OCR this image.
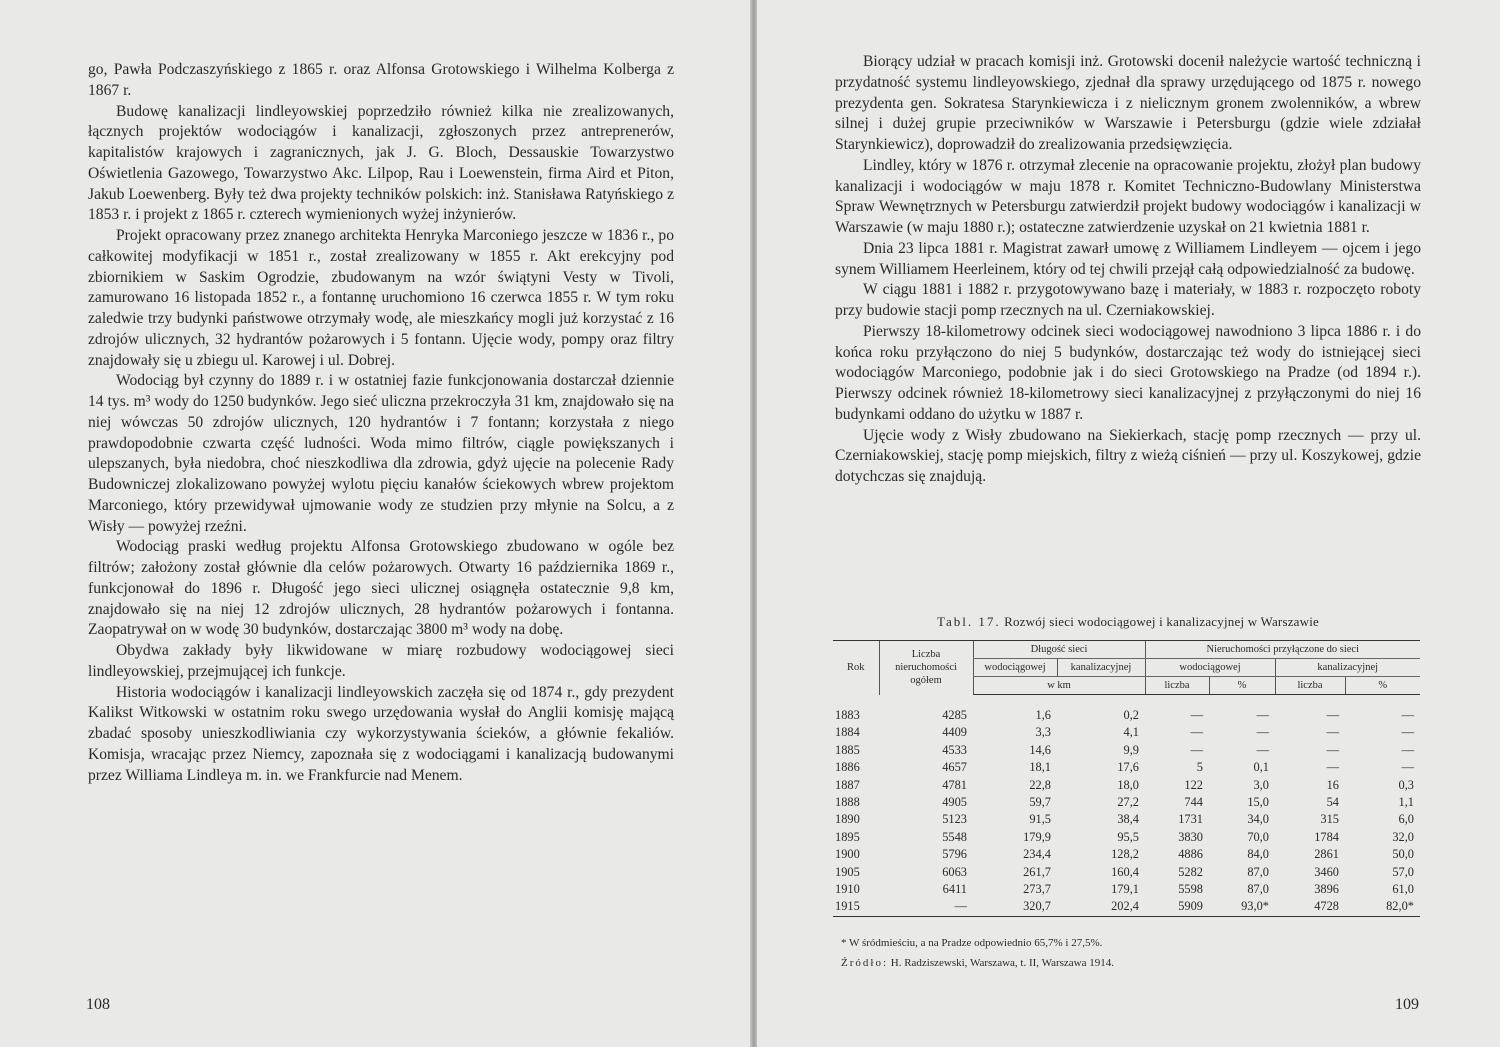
go, Pawła Podczaszyńskiego z 1865 r. oraz Alfonsa Grotowskiego i Wilhelma Kolberga z 1867 r.

Budowę kanalizacji lindleyowskiej poprzedziło również kilka nie zrealizowanych, łącznych projektów wodociągów i kanalizacji, zgłoszonych przez antreprenerów, kapitalistów krajowych i zagranicznych, jak J. G. Bloch, Dessauskie Towarzystwo Oświetlenia Gazowego, Towarzystwo Akc. Lilpop, Rau i Loewenstein, firma Aird et Piton, Jakub Loewenberg. Były też dwa projekty techników polskich: inż. Stanisława Ratyńskiego z 1853 r. i projekt z 1865 r. czterech wymienionych wyżej inżynierów.

Projekt opracowany przez znanego architekta Henryka Marconiego jeszcze w 1836 r., po całkowitej modyfikacji w 1851 r., został zrealizowany w 1855 r. Akt erekcyjny pod zbiornikiem w Saskim Ogrodzie, zbudowanym na wzór świątyni Vesty w Tivoli, zamurowano 16 listopada 1852 r., a fontannę uruchomiono 16 czerwca 1855 r. W tym roku zaledwie trzy budynki państwowe otrzymały wodę, ale mieszkańcy mogli już korzystać z 16 zdrojów ulicznych, 32 hydrantów pożarowych i 5 fontann. Ujęcie wody, pompy oraz filtry znajdowały się u zbiegu ul. Karowej i ul. Dobrej.

Wodociąg był czynny do 1889 r. i w ostatniej fazie funkcjonowania dostarczał dziennie 14 tys. m³ wody do 1250 budynków. Jego sieć uliczna przekroczyła 31 km, znajdowało się na niej wówczas 50 zdrojów ulicznych, 120 hydrantów i 7 fontann; korzystała z niego prawdopodobnie czwarta część ludności. Woda mimo filtrów, ciągle powiększanych i ulepszanych, była niedobra, choć nieszkodliwa dla zdrowia, gdyż ujęcie na polecenie Rady Budowniczej zlokalizowano powyżej wylotu pięciu kanałów ściekowych wbrew projektom Marconiego, który przewidywał ujmowanie wody ze studzien przy młynie na Solcu, a z Wisły — powyżej rzeźni.

Wodociąg praski według projektu Alfonsa Grotowskiego zbudowano w ogóle bez filtrów; założony został głównie dla celów pożarowych. Otwarty 16 października 1869 r., funkcjonował do 1896 r. Długość jego sieci ulicznej osiągnęła ostatecznie 9,8 km, znajdowało się na niej 12 zdrojów ulicznych, 28 hydrantów pożarowych i fontanna. Zaopatrywał on w wodę 30 budynków, dostarczając 3800 m³ wody na dobę.

Obydwa zakłady były likwidowane w miarę rozbudowy wodociągowej sieci lindleyowskiej, przejmującej ich funkcje.

Historia wodociągów i kanalizacji lindleyowskich zaczęła się od 1874 r., gdy prezydent Kalikst Witkowski w ostatnim roku swego urzędowania wysłał do Anglii komisję mającą zbadać sposoby unieszkodliwiania czy wykorzystywania ścieków, a głównie fekaliów. Komisja, wracając przez Niemcy, zapoznała się z wodociągami i kanalizacją budowanymi przez Williama Lindleya m. in. we Frankfurcie nad Menem.

108

Biorący udział w pracach komisji inż. Grotowski docenił należycie wartość techniczną i przydatność systemu lindleyowskiego, zjednał dla sprawy urzędującego od 1875 r. nowego prezydenta gen. Sokratesa Starynkiewicza i z nielicznym gronem zwolenników, a wbrew silnej i dużej grupie przeciwników w Warszawie i Petersburgu (gdzie wiele zdziałał Starynkiewicz), doprowadził do zrealizowania przedsięwzięcia.

Lindley, który w 1876 r. otrzymał zlecenie na opracowanie projektu, złożył plan budowy kanalizacji i wodociągów w maju 1878 r. Komitet Techniczno-Budowlany Ministerstwa Spraw Wewnętrznych w Petersburgu zatwierdził projekt budowy wodociągów i kanalizacji w Warszawie (w maju 1880 r.); ostateczne zatwierdzenie uzyskał on 21 kwietnia 1881 r.

Dnia 23 lipca 1881 r. Magistrat zawarł umowę z Williamem Lindleyem — ojcem i jego synem Williamem Heerleinem, który od tej chwili przejął całą odpowiedzialność za budowę.

W ciągu 1881 i 1882 r. przygotowywano bazę i materiały, w 1883 r. rozpoczęto roboty przy budowie stacji pomp rzecznych na ul. Czerniakowskiej.

Pierwszy 18-kilometrowy odcinek sieci wodociągowej nawodniono 3 lipca 1886 r. i do końca roku przyłączono do niej 5 budynków, dostarczając też wody do istniejącej sieci wodociągów Marconiego, podobnie jak i do sieci Grotowskiego na Pradze (od 1894 r.). Pierwszy odcinek również 18-kilometrowy sieci kanalizacyjnej z przyłączonymi do niej 16 budynkami oddano do użytku w 1887 r.

Ujęcie wody z Wisły zbudowano na Siekierkach, stację pomp rzecznych — przy ul. Czerniakowskiej, stację pomp miejskich, filtry z wieżą ciśnień — przy ul. Koszykowej, gdzie dotychczas się znajdują.

Tabl. 17. Rozwój sieci wodociągowej i kanalizacyjnej w Warszawie
Rok	Liczba nieruchomości ogółem	Długość sieci		Nieruchomości przyłączone do sieci			
		wodociągowej	kanalizacyjnej	wodociągowej		kanalizacyjnej	
		w km		liczba	%	liczba	%

1883	4285	1,6	0,2	—	—	—	—
1884	4409	3,3	4,1	—	—	—	—
1885	4533	14,6	9,9	—	—	—	—
1886	4657	18,1	17,6	5	0,1	—	—
1887	4781	22,8	18,0	122	3,0	16	0,3
1888	4905	59,7	27,2	744	15,0	54	1,1
1890	5123	91,5	38,4	1731	34,0	315	6,0
1895	5548	179,9	95,5	3830	70,0	1784	32,0
1900	5796	234,4	128,2	4886	84,0	2861	50,0
1905	6063	261,7	160,4	5282	87,0	3460	57,0
1910	6411	273,7	179,1	5598	87,0	3896	61,0
1915	—	320,7	202,4	5909	93,0*	4728	82,0*
* W śródmieściu, a na Pradze odpowiednio 65,7% i 27,5%.
Źródło: H. Radziszewski, Warszawa, t. II, Warszawa 1914.
109
